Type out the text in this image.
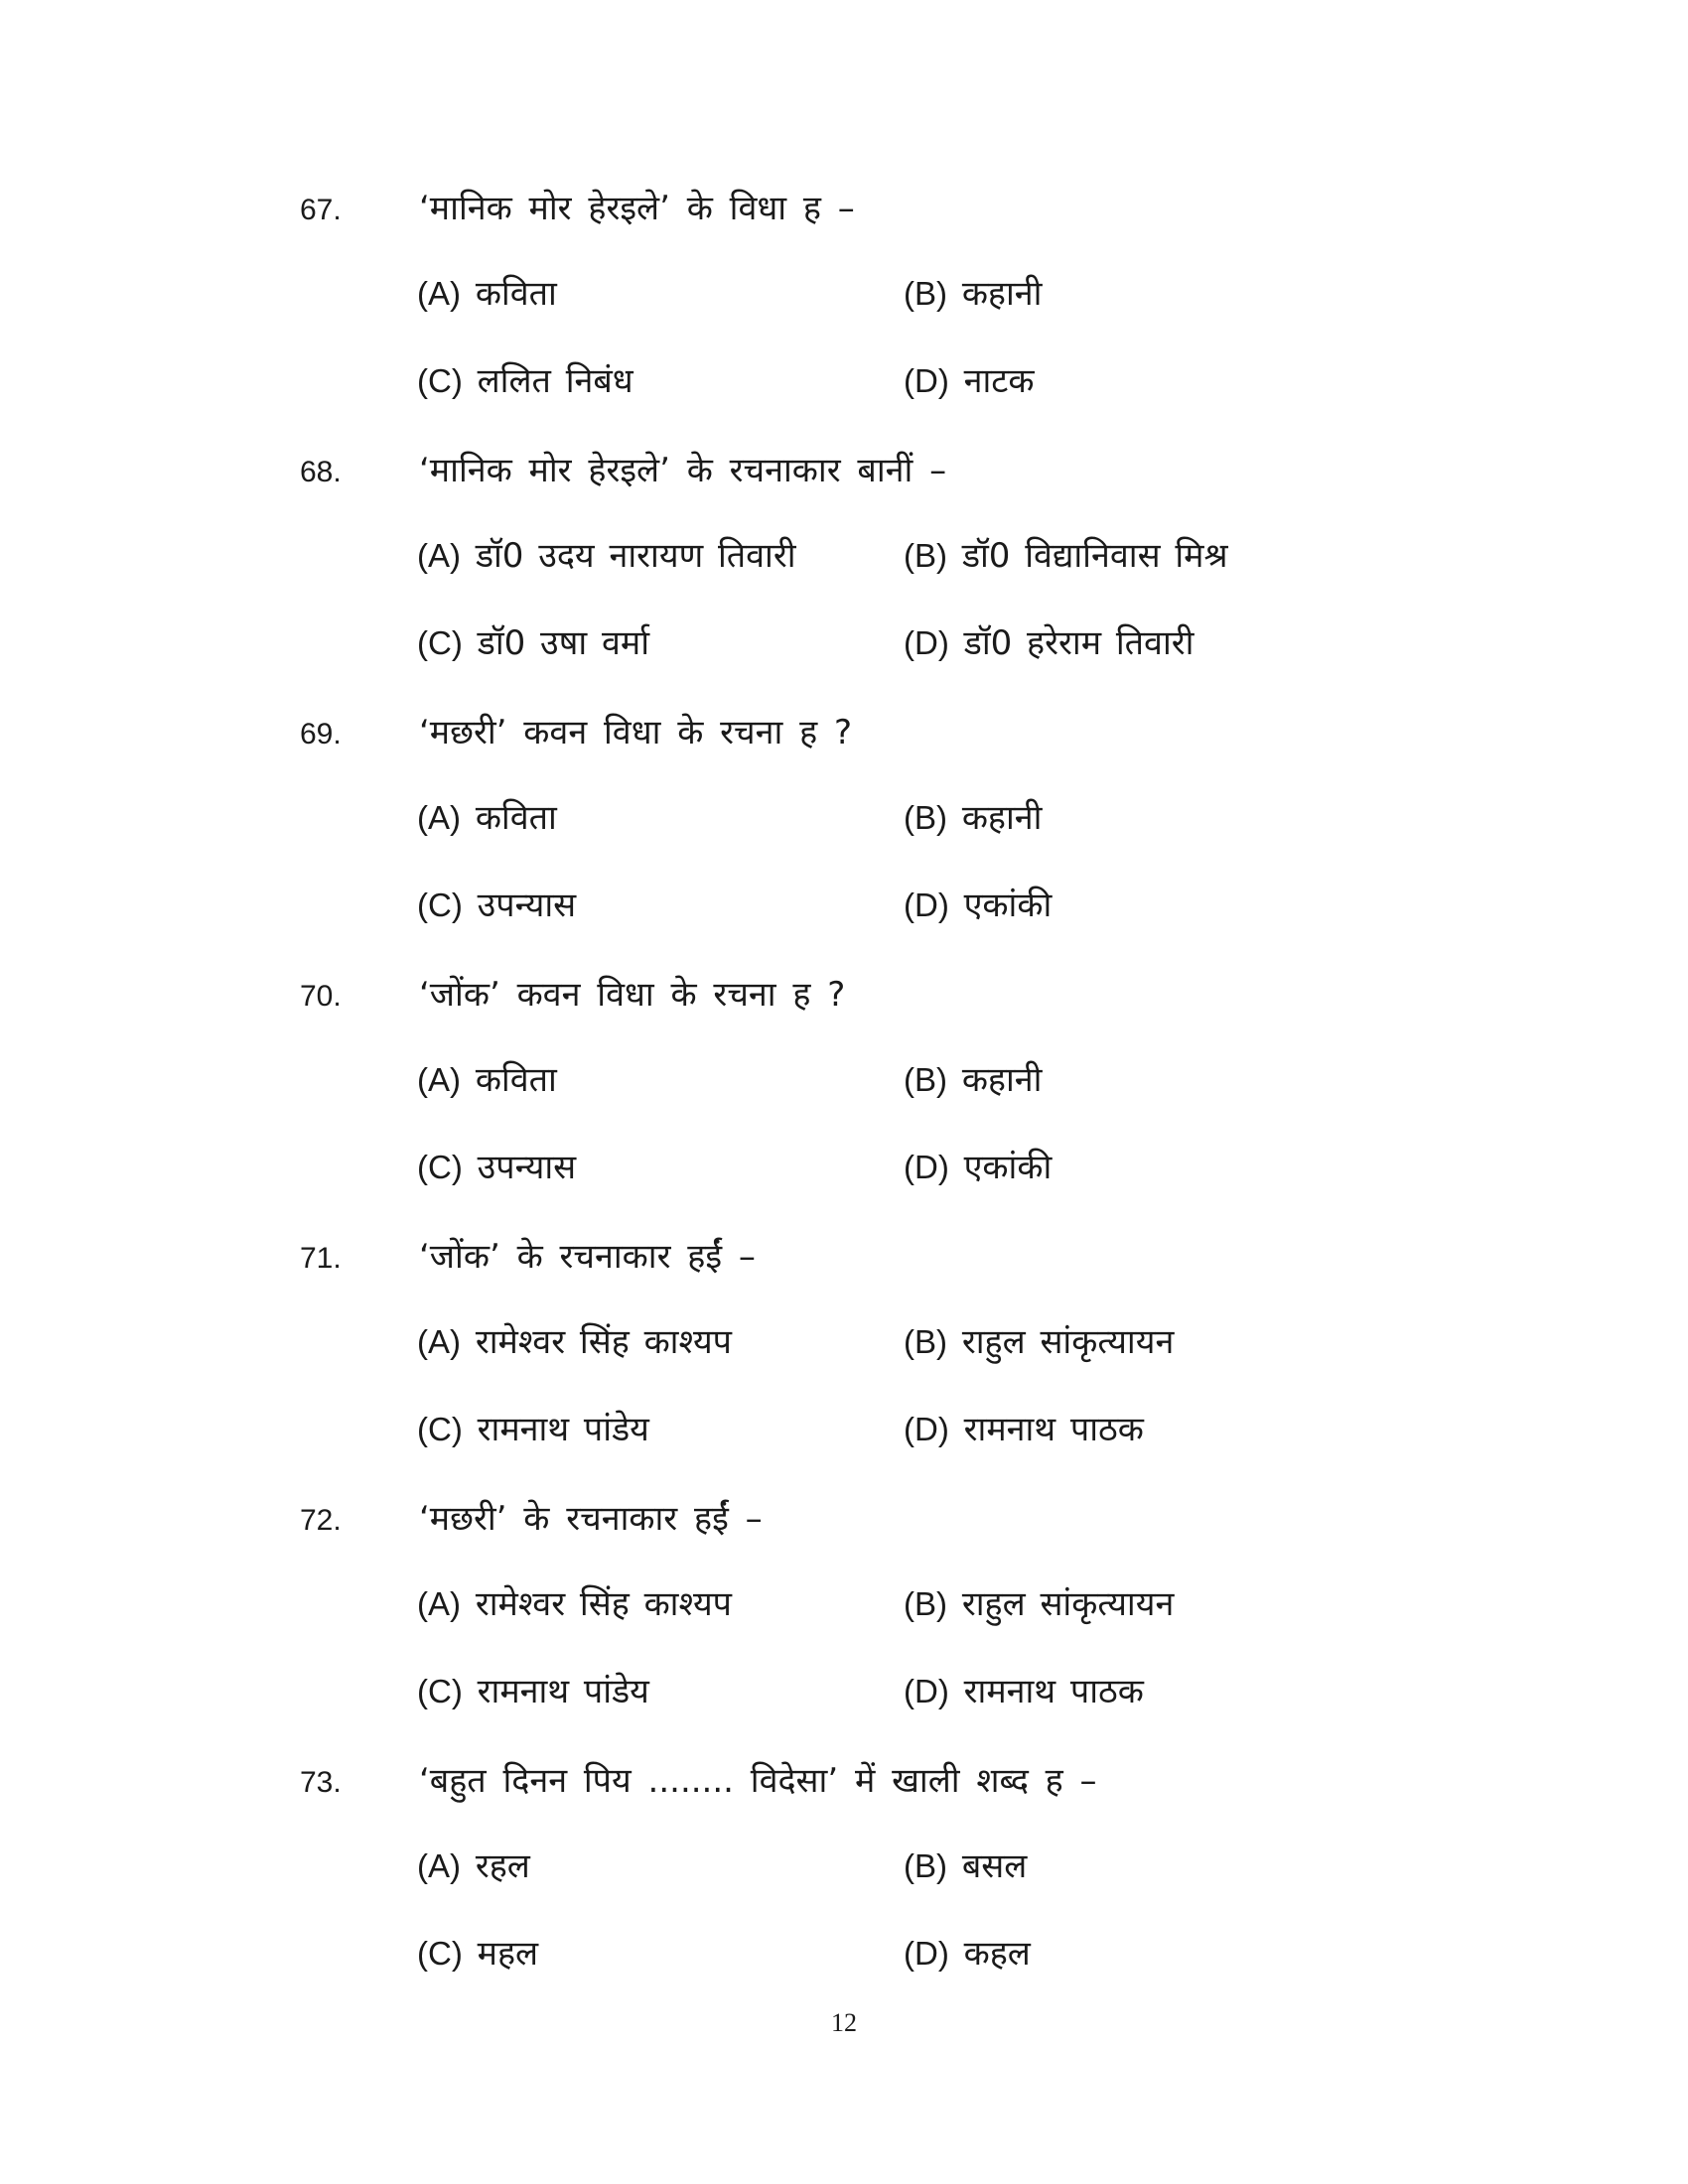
67. ‘मानिक मोर हेरइले’ के विधा ह –
(A) कविता	(B) कहानी
(C) ललित निबंध	(D) नाटक
68. ‘मानिक मोर हेरइले’ के रचनाकार बानीं –
(A) डॉ0 उदय नारायण तिवारी	(B) डॉ0 विद्यानिवास मिश्र
(C) डॉ0 उषा वर्मा	(D) डॉ0 हरेराम तिवारी
69. ‘मछरी’ कवन विधा के रचना ह ?
(A) कविता	(B) कहानी
(C) उपन्यास	(D) एकांकी
70. ‘जोंक’ कवन विधा के रचना ह ?
(A) कविता	(B) कहानी
(C) उपन्यास	(D) एकांकी
71. ‘जोंक’ के रचनाकार हईं –
(A) रामेश्वर सिंह काश्यप	(B) राहुल सांकृत्यायन
(C) रामनाथ पांडेय	(D) रामनाथ पाठक
72. ‘मछरी’ के रचनाकार हईं –
(A) रामेश्वर सिंह काश्यप	(B) राहुल सांकृत्यायन
(C) रामनाथ पांडेय	(D) रामनाथ पाठक
73. ‘बहुत दिनन पिय ........ विदेसा’ में खाली शब्द ह –
(A) रहल	(B) बसल
(C) महल	(D) कहल
12
